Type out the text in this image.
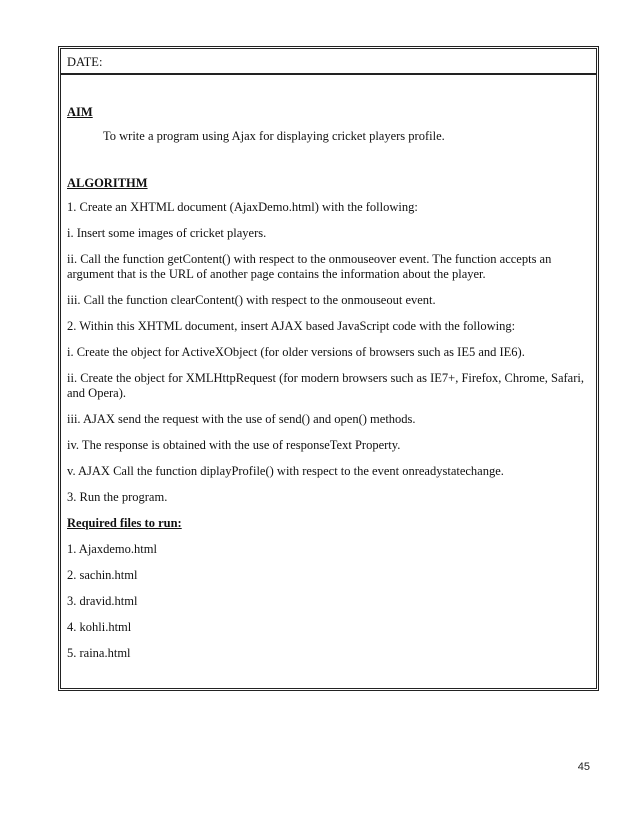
DATE:

AIM

To write a program using Ajax for displaying cricket players profile.

ALGORITHM

1. Create an XHTML document (AjaxDemo.html) with the following:

i. Insert some images of cricket players.

ii. Call the function getContent() with respect to the onmouseover event. The function accepts an argument that is the URL of another page contains the information about the player.

iii. Call the function clearContent() with respect to the onmouseout event.

2. Within this XHTML document, insert AJAX based JavaScript code with the following:

i. Create the object for ActiveXObject (for older versions of browsers such as IE5 and IE6).

ii. Create the object for XMLHttpRequest (for modern browsers such as IE7+, Firefox, Chrome, Safari, and Opera).

iii. AJAX send the request with the use of send() and open() methods.

iv. The response is obtained with the use of responseText Property.

v. AJAX Call the function diplayProfile() with respect to the event onreadystatechange.

3. Run the program.

Required files to run:

1. Ajaxdemo.html

2. sachin.html

3. dravid.html

4. kohli.html

5. raina.html

45
